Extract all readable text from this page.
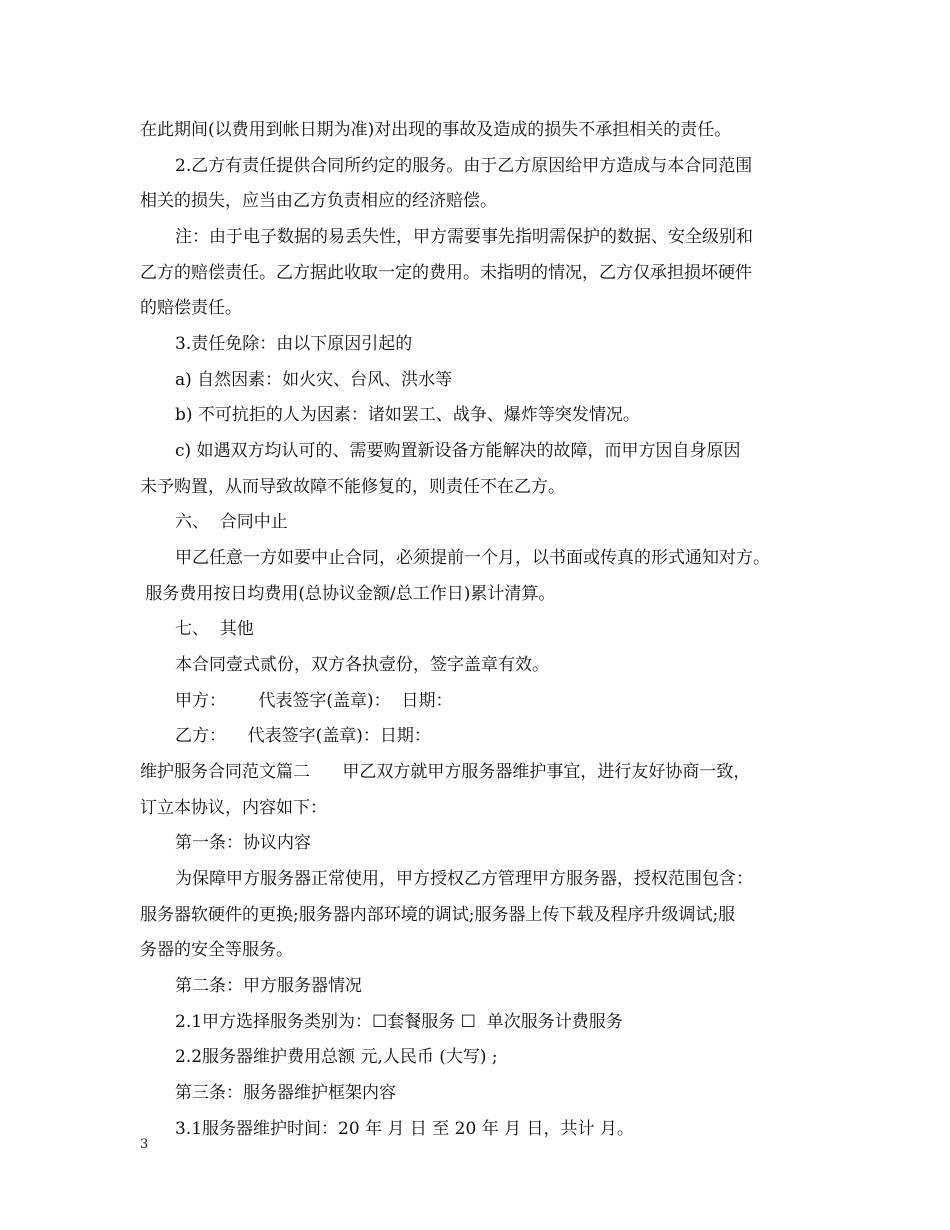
在此期间(以费用到帐日期为准)对出现的事故及造成的损失不承担相关的责任。
2.乙方有责任提供合同所约定的服务。由于乙方原因给甲方造成与本合同范围
相关的损失，应当由乙方负责相应的经济赔偿。
注：由于电子数据的易丢失性，甲方需要事先指明需保护的数据、安全级别和
乙方的赔偿责任。乙方据此收取一定的费用。未指明的情况，乙方仅承担损坏硬件
的赔偿责任。
3.责任免除：由以下原因引起的
a) 自然因素：如火灾、台风、洪水等
b) 不可抗拒的人为因素：诸如罢工、战争、爆炸等突发情况。
c) 如遇双方均认可的、需要购置新设备方能解决的故障，而甲方因自身原因
未予购置，从而导致故障不能修复的，则责任不在乙方。
六、  合同中止
甲乙任意一方如要中止合同，必须提前一个月，以书面或传真的形式通知对方。
服务费用按日均费用(总协议金额/总工作日)累计清算。
七、  其他
本合同壹式贰份，双方各执壹份，签字盖章有效。
甲方：      代表签字(盖章)：  日期：
乙方：    代表签字(盖章)：日期：
维护服务合同范文篇二      甲乙双方就甲方服务器维护事宜，进行友好协商一致，
订立本协议，内容如下：
第一条：协议内容
为保障甲方服务器正常使用，甲方授权乙方管理甲方服务器，授权范围包含：
服务器软硬件的更换;服务器内部环境的调试;服务器上传下载及程序升级调试;服
务器的安全等服务。
第二条：甲方服务器情况
2.1甲方选择服务类别为：☐套餐服务 ☐  单次服务计费服务
2.2服务器维护费用总额 元,人民币 (大写) ;
第三条：服务器维护框架内容
3.1服务器维护时间：20 年 月 日 至 20 年 月 日，共计 月。
3
